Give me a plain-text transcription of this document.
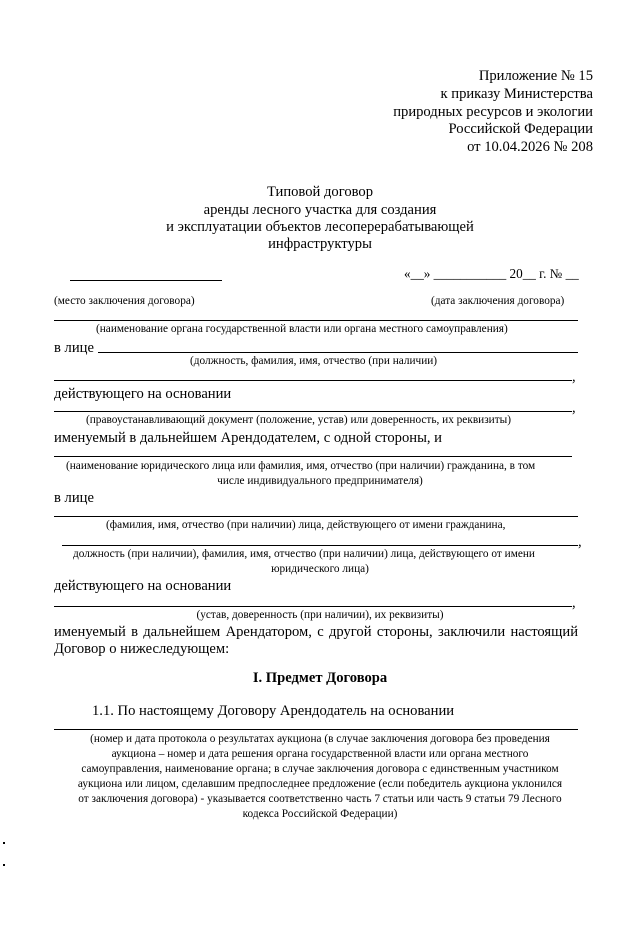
Приложение № 15
к приказу Министерства
природных ресурсов и экологии
Российской Федерации
от 10.04.2026 № 208
Типовой договор
аренды лесного участка для создания
и эксплуатации объектов лесоперерабатывающей
инфраструктуры
«__» ___________ 20__ г. № __
(место заключения договора)	(дата заключения договора)
(наименование органа государственной власти или органа местного самоуправления)
в лице
(должность, фамилия, имя, отчество (при наличии)
,
действующего на основании
,
(правоустанавливающий документ (положение, устав) или доверенность, их реквизиты)
именуемый в дальнейшем Арендодателем, с одной стороны, и
(наименование юридического лица или фамилия, имя, отчество (при наличии) гражданина, в том
числе индивидуального предпринимателя)
в лице
(фамилия, имя, отчество (при наличии) лица, действующего от имени гражданина,
,
должность (при наличии), фамилия, имя, отчество (при наличии) лица, действующего от имени
юридического лица)
действующего на основании
,
(устав, доверенность (при наличии), их реквизиты)
именуемый в дальнейшем Арендатором, с другой стороны, заключили настоящий
Договор о нижеследующем:
I. Предмет Договора
1.1. По настоящему Договору Арендодатель на основании
(номер и дата протокола о результатах аукциона (в случае заключения договора без проведения
аукциона – номер и дата решения органа государственной власти или органа местного
самоуправления, наименование органа; в случае заключения договора с единственным участником
аукциона или лицом, сделавшим предпоследнее предложение (если победитель аукциона уклонился
от заключения договора) - указывается соответственно часть 7 статьи или часть 9 статьи 79 Лесного
кодекса Российской Федерации)
